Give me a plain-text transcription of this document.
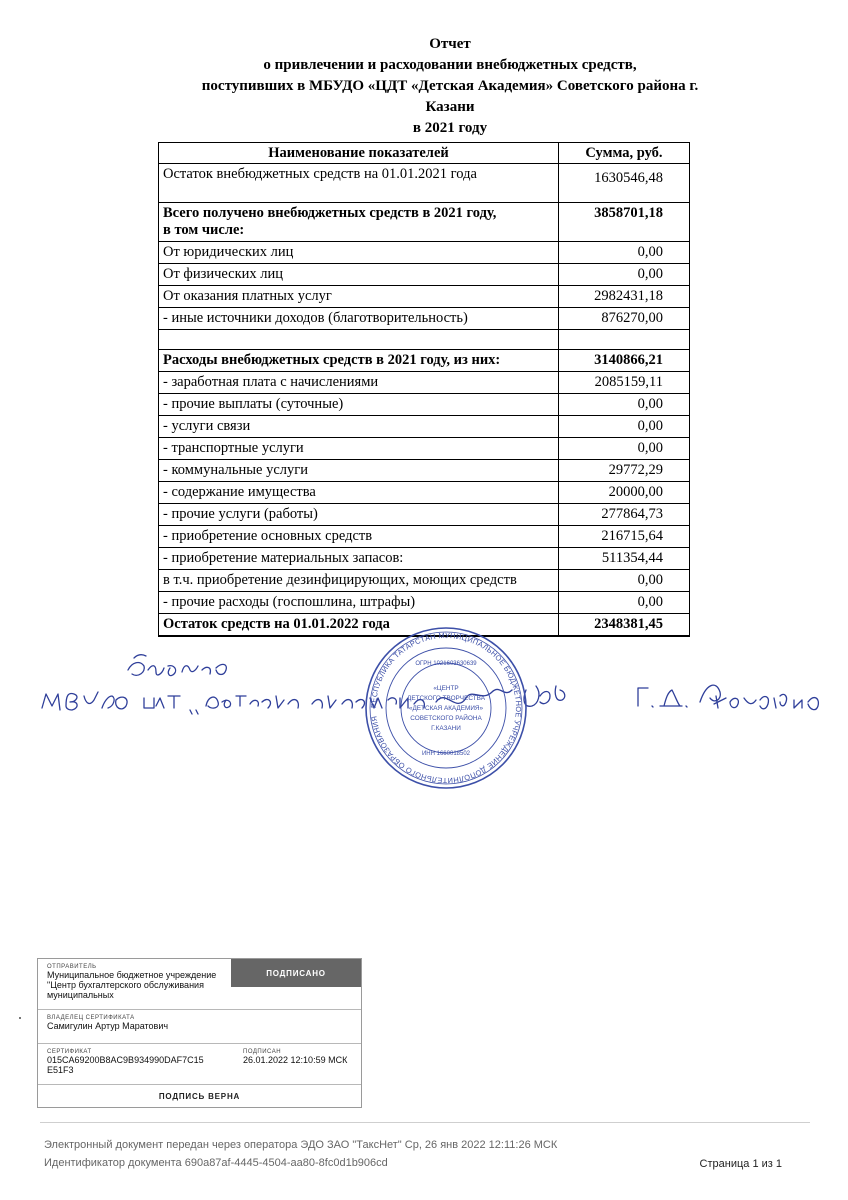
Отчет
о привлечении и расходовании внебюджетных средств,
поступивших в МБУДО «ЦДТ «Детская Академия» Советского района г.
Казани
в 2021 году
Наименование показателей	Сумма, руб.
Остаток внебюджетных средств на 01.01.2021 года	1630546,48

Всего получено внебюджетных средств в 2021 году,
в том числе:	3858701,18
От юридических лиц	0,00
От физических лиц	0,00
От оказания платных услуг	2982431,18
- иные источники доходов (благотворительность)	876270,00

Расходы внебюджетных средств в 2021 году, из них:	3140866,21
- заработная плата с начислениями	2085159,11
- прочие выплаты (суточные)	0,00
- услуги связи	0,00
- транспортные услуги	0,00
- коммунальные услуги	29772,29
- содержание имущества	20000,00
- прочие услуги (работы)	277864,73
- приобретение основных средств	216715,64
- приобретение материальных запасов:	511354,44
в т.ч. приобретение дезинфицирующих, моющих средств	0,00
- прочие расходы (госпошлина, штрафы)	0,00
Остаток средств на 01.01.2022 года	2348381,45
РЕСПУБЛИКА ТАТАРСТАН МУНИЦИПАЛЬНОЕ БЮДЖЕТНОЕ УЧРЕЖДЕНИЕ ДОПОЛНИТЕЛЬНОГО ОБРАЗОВАНИЯ
ОГРН 1021603630639
ИНН 1660018502
«ЦЕНТР
ДЕТСКОГО ТВОРЧЕСТВА
«ДЕТСКАЯ АКАДЕМИЯ»
СОВЕТСКОГО РАЙОНА
Г.КАЗАНИ
ОТПРАВИТЕЛЬ
Муниципальное бюджетное учреждение "Центр бухгалтерского обслуживания муниципальных
ПОДПИСАНО
ВЛАДЕЛЕЦ СЕРТИФИКАТА
Самигулин Артур Маратович
СЕРТИФИКАТ
015CA69200B8AC9B934990DAF7C15E51F3
ПОДПИСАН
26.01.2022 12:10:59 МСК
ПОДПИСЬ ВЕРНА
Электронный документ передан через оператора ЭДО ЗАО "ТаксНет" Ср, 26 янв 2022 12:11:26 МСК
Идентификатор документа 690a87af-4445-4504-aa80-8fc0d1b906cd	Страница 1 из 1
